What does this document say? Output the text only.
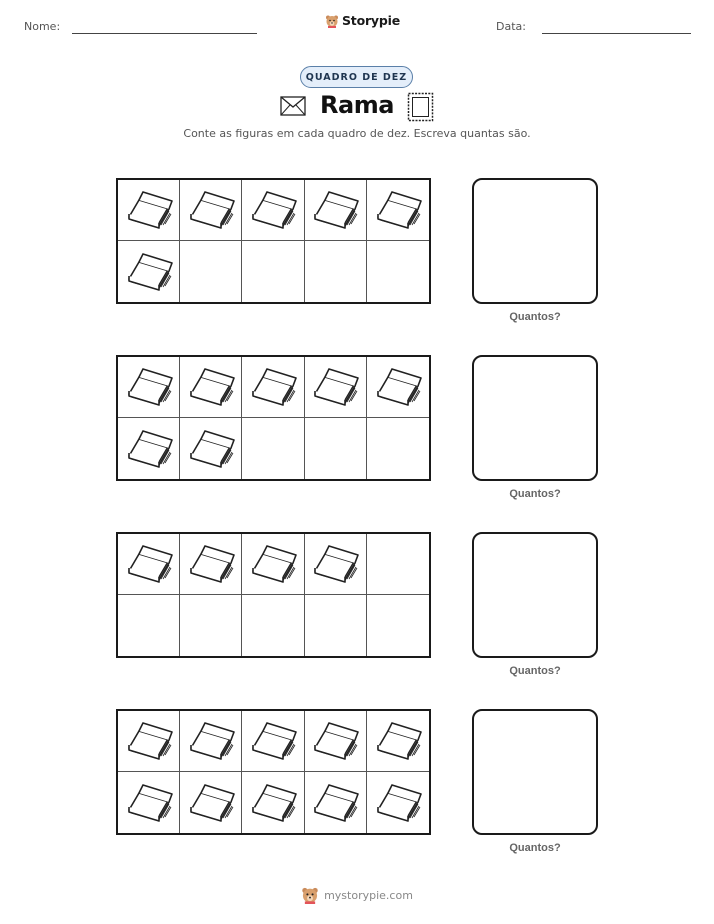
Nome:	Storypie	Data:
QUADRO DE DEZ
Rama
Conte as figuras em cada quadro de dez. Escreva quantas são.
Quantos?
Quantos?
Quantos?
Quantos?
mystorypie.com
